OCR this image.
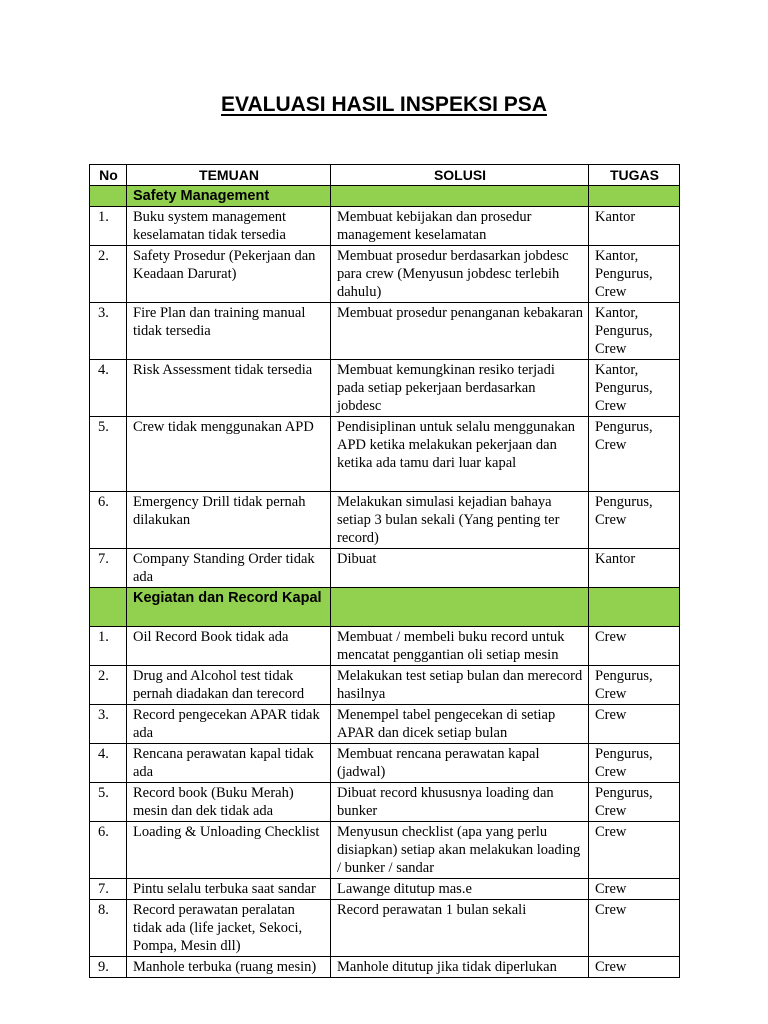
EVALUASI HASIL INSPEKSI PSA
No	TEMUAN	SOLUSI	TUGAS
	Safety Management		
1.	Buku system management keselamatan tidak tersedia	Membuat kebijakan dan prosedur management keselamatan	Kantor
2.	Safety Prosedur (Pekerjaan dan Keadaan Darurat)	Membuat prosedur berdasarkan jobdesc para crew (Menyusun jobdesc terlebih dahulu)	Kantor, Pengurus, Crew
3.	Fire Plan dan training manual tidak tersedia	Membuat prosedur penanganan kebakaran	Kantor, Pengurus, Crew
4.	Risk Assessment tidak tersedia	Membuat kemungkinan resiko terjadi pada setiap pekerjaan berdasarkan jobdesc	Kantor, Pengurus, Crew
5.	Crew tidak menggunakan APD	Pendisiplinan untuk selalu menggunakan APD ketika melakukan pekerjaan dan ketika ada tamu dari luar kapal	Pengurus, Crew
6.	Emergency Drill tidak pernah dilakukan	Melakukan simulasi kejadian bahaya setiap 3 bulan sekali (Yang penting ter record)	Pengurus, Crew
7.	Company Standing Order tidak ada	Dibuat	Kantor
	Kegiatan dan Record Kapal		
1.	Oil Record Book tidak ada	Membuat / membeli buku record untuk mencatat penggantian oli setiap mesin	Crew
2.	Drug and Alcohol test tidak pernah diadakan dan terecord	Melakukan test setiap bulan dan merecord hasilnya	Pengurus, Crew
3.	Record pengecekan APAR tidak ada	Menempel tabel pengecekan di setiap APAR dan dicek setiap bulan	Crew
4.	Rencana perawatan kapal tidak ada	Membuat rencana perawatan kapal (jadwal)	Pengurus, Crew
5.	Record book (Buku Merah) mesin dan dek tidak ada	Dibuat record khususnya loading dan bunker	Pengurus, Crew
6.	Loading & Unloading Checklist	Menyusun checklist (apa yang perlu disiapkan) setiap akan melakukan loading / bunker / sandar	Crew
7.	Pintu selalu terbuka saat sandar	Lawange ditutup mas.e	Crew
8.	Record perawatan peralatan tidak ada (life jacket, Sekoci, Pompa, Mesin dll)	Record perawatan 1 bulan sekali	Crew
9.	Manhole terbuka (ruang mesin)	Manhole ditutup jika tidak diperlukan	Crew
